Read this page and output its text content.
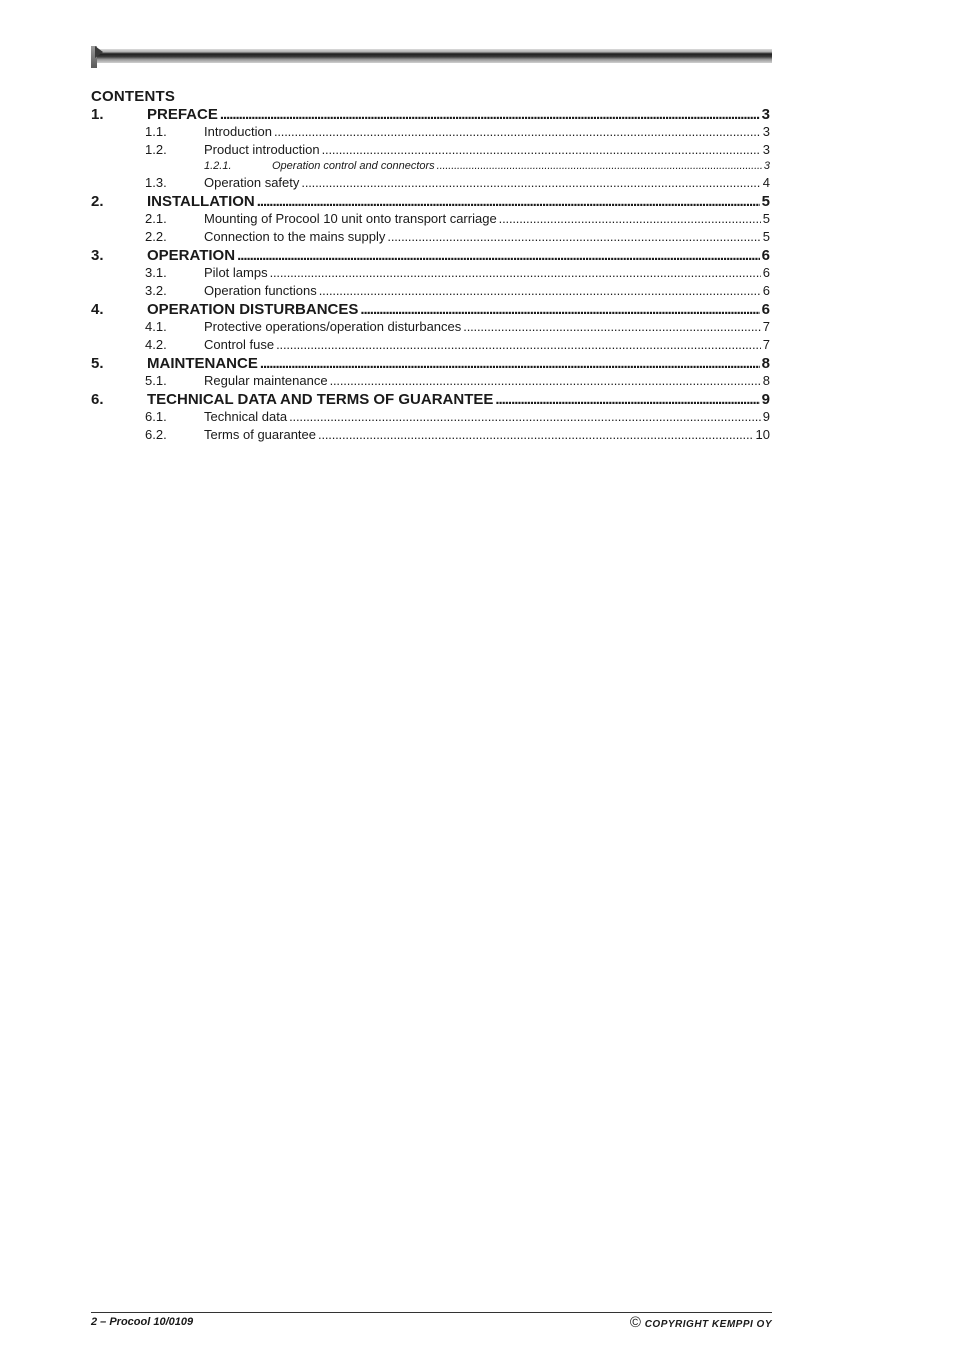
CONTENTS
1.	PREFACE . . .	3
1.1.	Introduction . . .	3
1.2.	Product introduction . . .	3
1.2.1.	Operation control and connectors . . .	3
1.3.	Operation safety . . .	4
2.	INSTALLATION . . .	5
2.1.	Mounting of Procool 10 unit onto transport carriage . . .	5
2.2.	Connection to the mains supply . . .	5
3.	OPERATION . . .	6
3.1.	Pilot lamps . . .	6
3.2.	Operation functions . . .	6
4.	OPERATION DISTURBANCES . . .	6
4.1.	Protective operations/operation disturbances . . .	7
4.2.	Control fuse . . .	7
5.	MAINTENANCE . . .	8
5.1.	Regular maintenance . . .	8
6.	TECHNICAL DATA AND TERMS OF GUARANTEE . . .	9
6.1.	Technical data . . .	9
6.2.	Terms of guarantee . . .	10
2 – Procool 10/0109	© COPYRIGHT KEMPPI OY
